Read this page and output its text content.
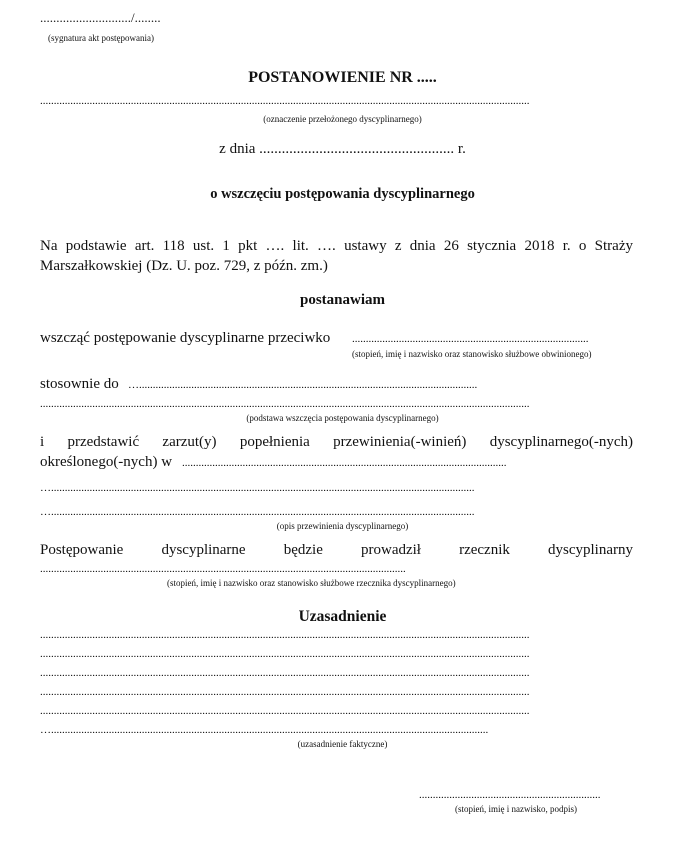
............................/........
(sygnatura akt postępowania)
POSTANOWIENIE NR .....
..................................................................................................................................................................................
(oznaczenie przełożonego dyscyplinarnego)
z dnia .................................................... r.
o wszczęciu postępowania dyscyplinarnego
Na podstawie art. 118 ust. 1 pkt …. lit. …. ustawy z dnia 26 stycznia 2018 r. o Straży
Marszałkowskiej (Dz. U. poz. 729, z późn. zm.)
postanawiam
wszcząć postępowanie dyscyplinarne przeciwko ......................................................................................
(stopień, imię i nazwisko oraz stanowisko służbowe obwinionego)
stosownie do …...........................................................................................................................
..................................................................................................................................................................................
(podstawa wszczęcia postępowania dyscyplinarnego)
i przedstawić zarzut(y) popełnienia przewinienia(-winień) dyscyplinarnego(-nych)
określonego(-nych) w ......................................................................................................................
…..........................................................................................................................................................
…..........................................................................................................................................................
(opis przewinienia dyscyplinarnego)
Postępowanie dyscyplinarne będzie prowadził rzecznik dyscyplinarny
.....................................................................................................................................
(stopień, imię i nazwisko oraz stanowisko służbowe rzecznika dyscyplinarnego)
Uzasadnienie
..................................................................................................................................................................................
..................................................................................................................................................................................
..................................................................................................................................................................................
..................................................................................................................................................................................
..................................................................................................................................................................................
…...............................................................................................................................................................
(uzasadnienie faktyczne)
..................................................................
(stopień, imię i nazwisko, podpis)
